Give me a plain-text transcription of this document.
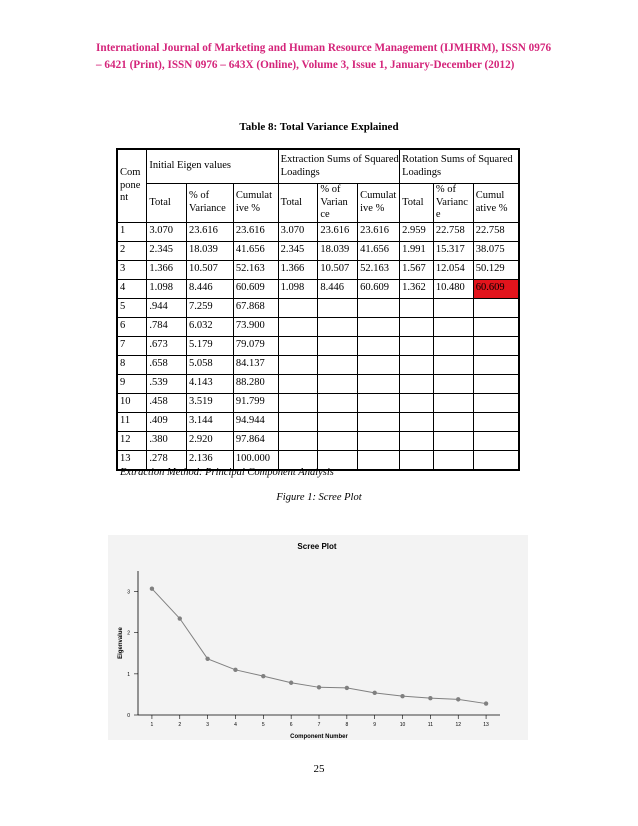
International Journal of Marketing and Human Resource Management (IJMHRM), ISSN 0976
– 6421 (Print), ISSN 0976 – 643X (Online), Volume 3, Issue 1, January-December (2012)
Table 8: Total Variance Explained
Com pone nt	Initial Eigen values			Extraction Sums of Squared Loadings			Rotation Sums of Squared Loadings		
	Total	% of Variance	Cumulat ive %	Total	% of Varian ce	Cumulat ive %	Total	% of Varianc e	Cumul ative %
1	3.070	23.616	23.616	3.070	23.616	23.616	2.959	22.758	22.758
2	2.345	18.039	41.656	2.345	18.039	41.656	1.991	15.317	38.075
3	1.366	10.507	52.163	1.366	10.507	52.163	1.567	12.054	50.129
4	1.098	8.446	60.609	1.098	8.446	60.609	1.362	10.480	60.609
5	.944	7.259	67.868						
6	.784	6.032	73.900						
7	.673	5.179	79.079						
8	.658	5.058	84.137						
9	.539	4.143	88.280						
10	.458	3.519	91.799						
11	.409	3.144	94.944						
12	.380	2.920	97.864						
13	.278	2.136	100.000						
Extraction Method: Principal Component Analysis
Figure 1: Scree Plot
Scree Plot
0
1
2
3
1	2	3	4	5	6	7	8	9	10	11	12	13
Eigenvalue
Component Number
25
